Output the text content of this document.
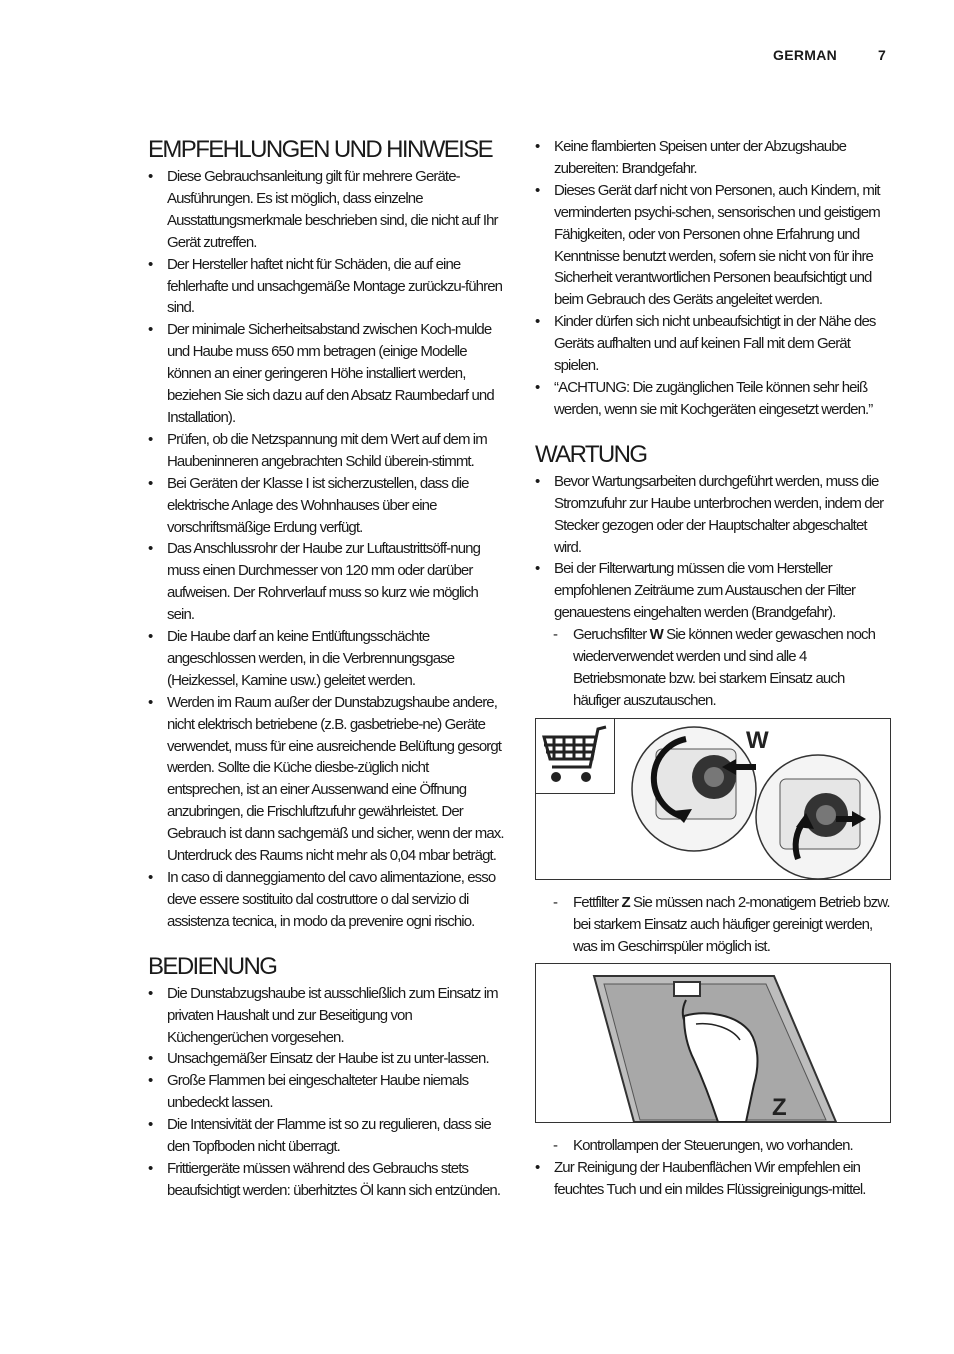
GERMAN	7
EMPFEHLUNGEN UND HINWEISE
• Diese Gebrauchsanleitung gilt für mehrere Geräte-Ausführungen. Es ist möglich, dass einzelne Ausstattungsmerkmale beschrieben sind, die nicht auf Ihr Gerät zutreffen.
• Der Hersteller haftet nicht für Schäden, die auf eine fehlerhafte und unsachgemäße Montage zurückzu-führen sind.
• Der minimale Sicherheitsabstand zwischen Koch-mulde und Haube muss 650 mm betragen (einige Modelle können an einer geringeren Höhe installiert werden, beziehen Sie sich dazu auf den Absatz Raumbedarf und Installation).
• Prüfen, ob die Netzspannung mit dem Wert auf dem im Haubeninneren angebrachten Schild überein-stimmt.
• Bei Geräten der Klasse I ist sicherzustellen, dass die elektrische Anlage des Wohnhauses über eine vorschriftsmäßige Erdung verfügt.
• Das Anschlussrohr der Haube zur Luftaustrittsöff-nung muss einen Durchmesser von 120 mm oder darüber aufweisen. Der Rohrverlauf muss so kurz wie möglich sein.
• Die Haube darf an keine Entlüftungsschächte angeschlossen werden, in die Verbrennungsgase (Heizkessel, Kamine usw.) geleitet werden.
• Werden im Raum außer der Dunstabzugshaube andere, nicht elektrisch betriebene (z.B. gasbetriebe-ne) Geräte verwendet, muss für eine ausreichende Belüftung gesorgt werden. Sollte die Küche diesbe-züglich nicht entsprechen, ist an einer Aussenwand eine Öffnung anzubringen, die Frischluftzufuhr gewährleistet. Der Gebrauch ist dann sachgemäß und sicher, wenn der max. Unterdruck des Raums nicht mehr als 0,04 mbar beträgt.
• In caso di danneggiamento del cavo alimentazione, esso deve essere sostituito dal costruttore o dal servizio di assistenza tecnica, in modo da prevenire ogni rischio.
BEDIENUNG
• Die Dunstabzugshaube ist ausschließlich zum Einsatz im privaten Haushalt und zur Beseitigung von Küchengerüchen vorgesehen.
• Unsachgemäßer Einsatz der Haube ist zu unter-lassen.
• Große Flammen bei eingeschalteter Haube niemals unbedeckt lassen.
• Die Intensivität der Flamme ist so zu regulieren, dass sie den Topfboden nicht überragt.
• Frittiergeräte müssen während des Gebrauchs stets beaufsichtigt werden: überhitztes Öl kann sich entzünden.
• Keine flambierten Speisen unter der Abzugshaube zubereiten: Brandgefahr.
• Dieses Gerät darf nicht von Personen, auch Kindern, mit verminderten psychi-schen, sensorischen und geistigem Fähigkeiten, oder von Personen ohne Erfahrung und Kenntnisse benutzt werden, sofern sie nicht von für ihre Sicherheit verantwortlichen Personen beaufsichtigt und beim Gebrauch des Geräts angeleitet werden.
• Kinder dürfen sich nicht unbeaufsichtigt in der Nähe des Geräts aufhalten und auf keinen Fall mit dem Gerät spielen.
• “ACHTUNG: Die zugänglichen Teile können sehr heiß werden, wenn sie mit Kochgeräten eingesetzt werden.”
WARTUNG
• Bevor Wartungsarbeiten durchgeführt werden, muss die Stromzufuhr zur Haube unterbrochen werden, indem der Stecker gezogen oder der Hauptschalter abgeschaltet wird.
• Bei der Filterwartung müssen die vom Hersteller empfohlenen Zeiträume zum Austauschen der Filter genauestens eingehalten werden (Brandgefahr).
- Geruchsfilter W Sie können weder gewaschen noch wiederverwendet werden und sind alle 4 Betriebsmonate bzw. bei starkem Einsatz auch häufiger auszutauschen.
W
- Fettfilter Z Sie müssen nach 2-monatigem Betrieb bzw. bei starkem Einsatz auch häufiger gereinigt werden, was im Geschirrspüler möglich ist.
Z
- Kontrollampen der Steuerungen, wo vorhanden.
• Zur Reinigung der Haubenflächen Wir empfehlen ein feuchtes Tuch und ein mildes Flüssigreinigungs-mittel.
